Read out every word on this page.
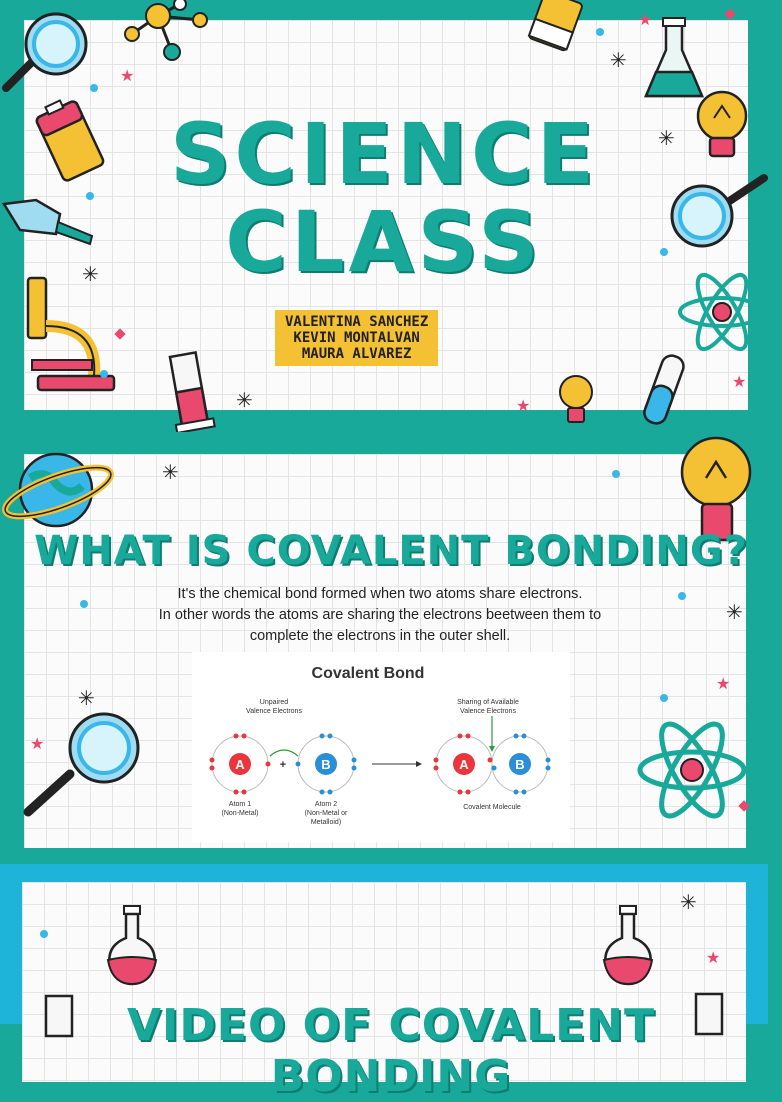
SCIENCE
CLASS
VALENTINA SANCHEZ
KEVIN MONTALVAN
MAURA ALVAREZ
✳
✳
✳
✳
★
★
★
★
WHAT IS COVALENT BONDING?
It's the chemical bond formed when two atoms share electrons.
In other words the atoms are sharing the electrons beetween them to
complete the electrons in the outer shell.
✳
✳
✳
★
★
Covalent Bond
Unpaired
Valence Electrons
Sharing of Available
Valence Electrons
A	+	B	A	B
Atom 1
(Non-Metal)
Atom 2
(Non-Metal or
Metalloid)
Covalent Molecule
VIDEO OF COVALENT BONDING
✳
★
